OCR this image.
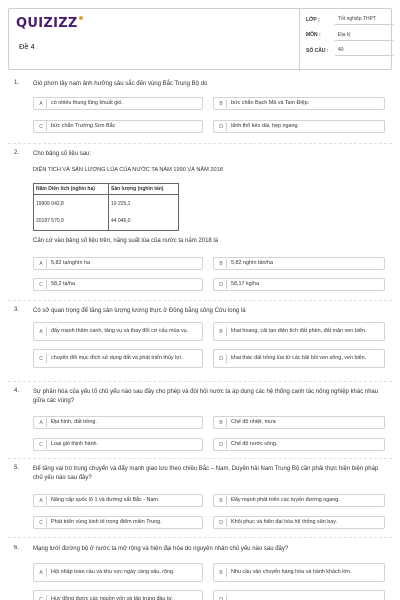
QUIZIZZ
Đề 4
LỚP :	Tốt nghiệp THPT
MÔN :	Địa lý
SỐ CÂU :	40
1. Gió phơn tây nam ảnh hưởng sâu sắc đến vùng Bắc Trung Bộ do
A	có nhiều thung lũng khuất gió.	B	bức chắn Bạch Mã và Tam Điệp.
C	bức chắn Trường Sơn Bắc	D	lãnh thổ kéo dài, hẹp ngang.
2. Cho bảng số liệu sau:
DIỆN TÍCH VÀ SẢN LƯỢNG LÚA CỦA NƯỚC TA NĂM 1990 VÀ NĂM 2018
Năm Diện tích (nghìn ha)	Sản lượng (nghìn tấn)
19906 042,8	19 225,1
20187 570,9	44 046,0
Căn cứ vào bảng số liệu trên, năng suất lúa của nước ta năm 2018 là
A	5,82 tạ/nghìn ha	B	5,82 nghìn tấn/ha
C	58,2 tạ/ha	D	58,17 kg/ha
3. Có sở quan trọng để tăng sản lượng lương thực ở Đồng bằng sông Cửu long là
A	đẩy mạnh thâm canh, tăng vụ và thay đổi cơ cấu mùa vụ.	B	khai hoang, cải tạo diện tích đất phèn, đất mặn ven biển.
C	chuyển đổi mục đích sử dụng đất và phát triển thủy lợi.	D	khai thác đất trồng lúa từ các bãi bồi ven sông, ven biển.
4. Sự phân hóa của yếu tố chủ yếu nào sau đây cho phép và đòi hỏi nước ta áp dụng các hệ thống canh tác nông nghiệp khác nhau giữa các vùng?
A	Địa hình, đất trồng.	B	Chế độ nhiệt, mưa
C	Loại gió thịnh hành.	D	Chế độ nước sông.
5. Để tăng vai trò trung chuyển và đẩy mạnh giao lưu theo chiều Bắc – Nam, Duyên hải Nam Trung Bộ cần phải thực hiện biện pháp chủ yếu nào sau đây?
A	Nâng cấp quốc lộ 1 và đường sắt Bắc - Nam.	B	Đẩy mạnh phát triển các tuyến đường ngang.
C	Phát triển vùng kinh tế trọng điểm miền Trung.	D	Khôi phục và hiện đại hóa hệ thống sân bay.
6. Mạng lưới đường bộ ở nước ta mở rộng và hiện đại hóa do nguyên nhân chủ yếu nào sau đây?
A	Hội nhập toàn cầu và khu vực ngày càng sâu, rộng.	B	Nhu cầu vận chuyển hàng hóa và hành khách lớn.
C	Huy động được các nguồn vốn và tập trung đầu tư.	D
